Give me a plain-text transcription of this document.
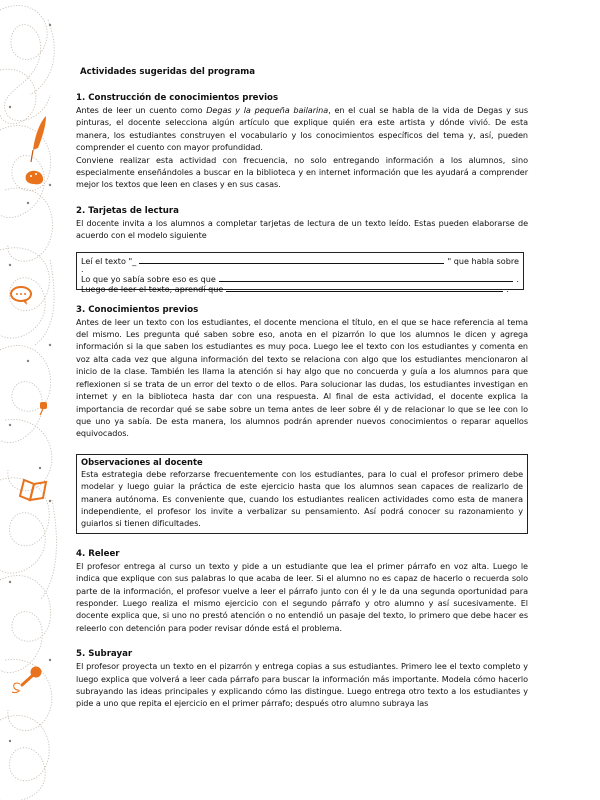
Actividades sugeridas del programa
1. Construcción de conocimientos previos

Antes de leer un cuento como Degas y la pequeña bailarina, en el cual se habla de la vida de Degas y sus pinturas, el docente selecciona algún artículo que explique quién era este artista y dónde vivió. De esta manera, los estudiantes construyen el vocabulario y los conocimientos específicos del tema y, así, pueden comprender el cuento con mayor profundidad.

Conviene realizar esta actividad con frecuencia, no solo entregando información a los alumnos, sino especialmente enseñándoles a buscar en la biblioteca y en internet información que les ayudará a comprender mejor los textos que leen en clases y en sus casas.

2. Tarjetas de lectura

El docente invita a los alumnos a completar tarjetas de lectura de un texto leído. Estas pueden elaborarse de acuerdo con el modelo siguiente

Leí el texto "_	" que habla sobre
.
Lo que yo sabía sobre eso es que	.
Luego de leer el texto, aprendí que	.
3. Conocimientos previos

Antes de leer un texto con los estudiantes, el docente menciona el título, en el que se hace referencia al tema del mismo. Les pregunta qué saben sobre eso, anota en el pizarrón lo que los alumnos le dicen y agrega información si la que saben los estudiantes es muy poca. Luego lee el texto con los estudiantes y comenta en voz alta cada vez que alguna información del texto se relaciona con algo que los estudiantes mencionaron al inicio de la clase. También les llama la atención si hay algo que no concuerda y guía a los alumnos para que reflexionen si se trata de un error del texto o de ellos. Para solucionar las dudas, los estudiantes investigan en internet y en la biblioteca hasta dar con una respuesta. Al final de esta actividad, el docente explica la importancia de recordar qué se sabe sobre un tema antes de leer sobre él y de relacionar lo que se lee con lo que uno ya sabía. De esta manera, los alumnos podrán aprender nuevos conocimientos o reparar aquellos equivocados.

Observaciones al docente

Esta estrategia debe reforzarse frecuentemente con los estudiantes, para lo cual el profesor primero debe modelar y luego guiar la práctica de este ejercicio hasta que los alumnos sean capaces de realizarlo de manera autónoma. Es conveniente que, cuando los estudiantes realicen actividades como esta de manera independiente, el profesor los invite a verbalizar su pensamiento. Así podrá conocer su razonamiento y guiarlos si tienen dificultades.

4. Releer

El profesor entrega al curso un texto y pide a un estudiante que lea el primer párrafo en voz alta. Luego le indica que explique con sus palabras lo que acaba de leer. Si el alumno no es capaz de hacerlo o recuerda solo parte de la información, el profesor vuelve a leer el párrafo junto con él y le da una segunda oportunidad para responder. Luego realiza el mismo ejercicio con el segundo párrafo y otro alumno y así sucesivamente. El docente explica que, si uno no prestó atención o no entendió un pasaje del texto, lo primero que debe hacer es releerlo con detención para poder revisar dónde está el problema.

5. Subrayar

El profesor proyecta un texto en el pizarrón y entrega copias a sus estudiantes. Primero lee el texto completo y luego explica que volverá a leer cada párrafo para buscar la información más importante. Modela cómo hacerlo subrayando las ideas principales y explicando cómo las distingue. Luego entrega otro texto a los estudiantes y pide a uno que repita el ejercicio en el primer párrafo; después otro alumno subraya las
